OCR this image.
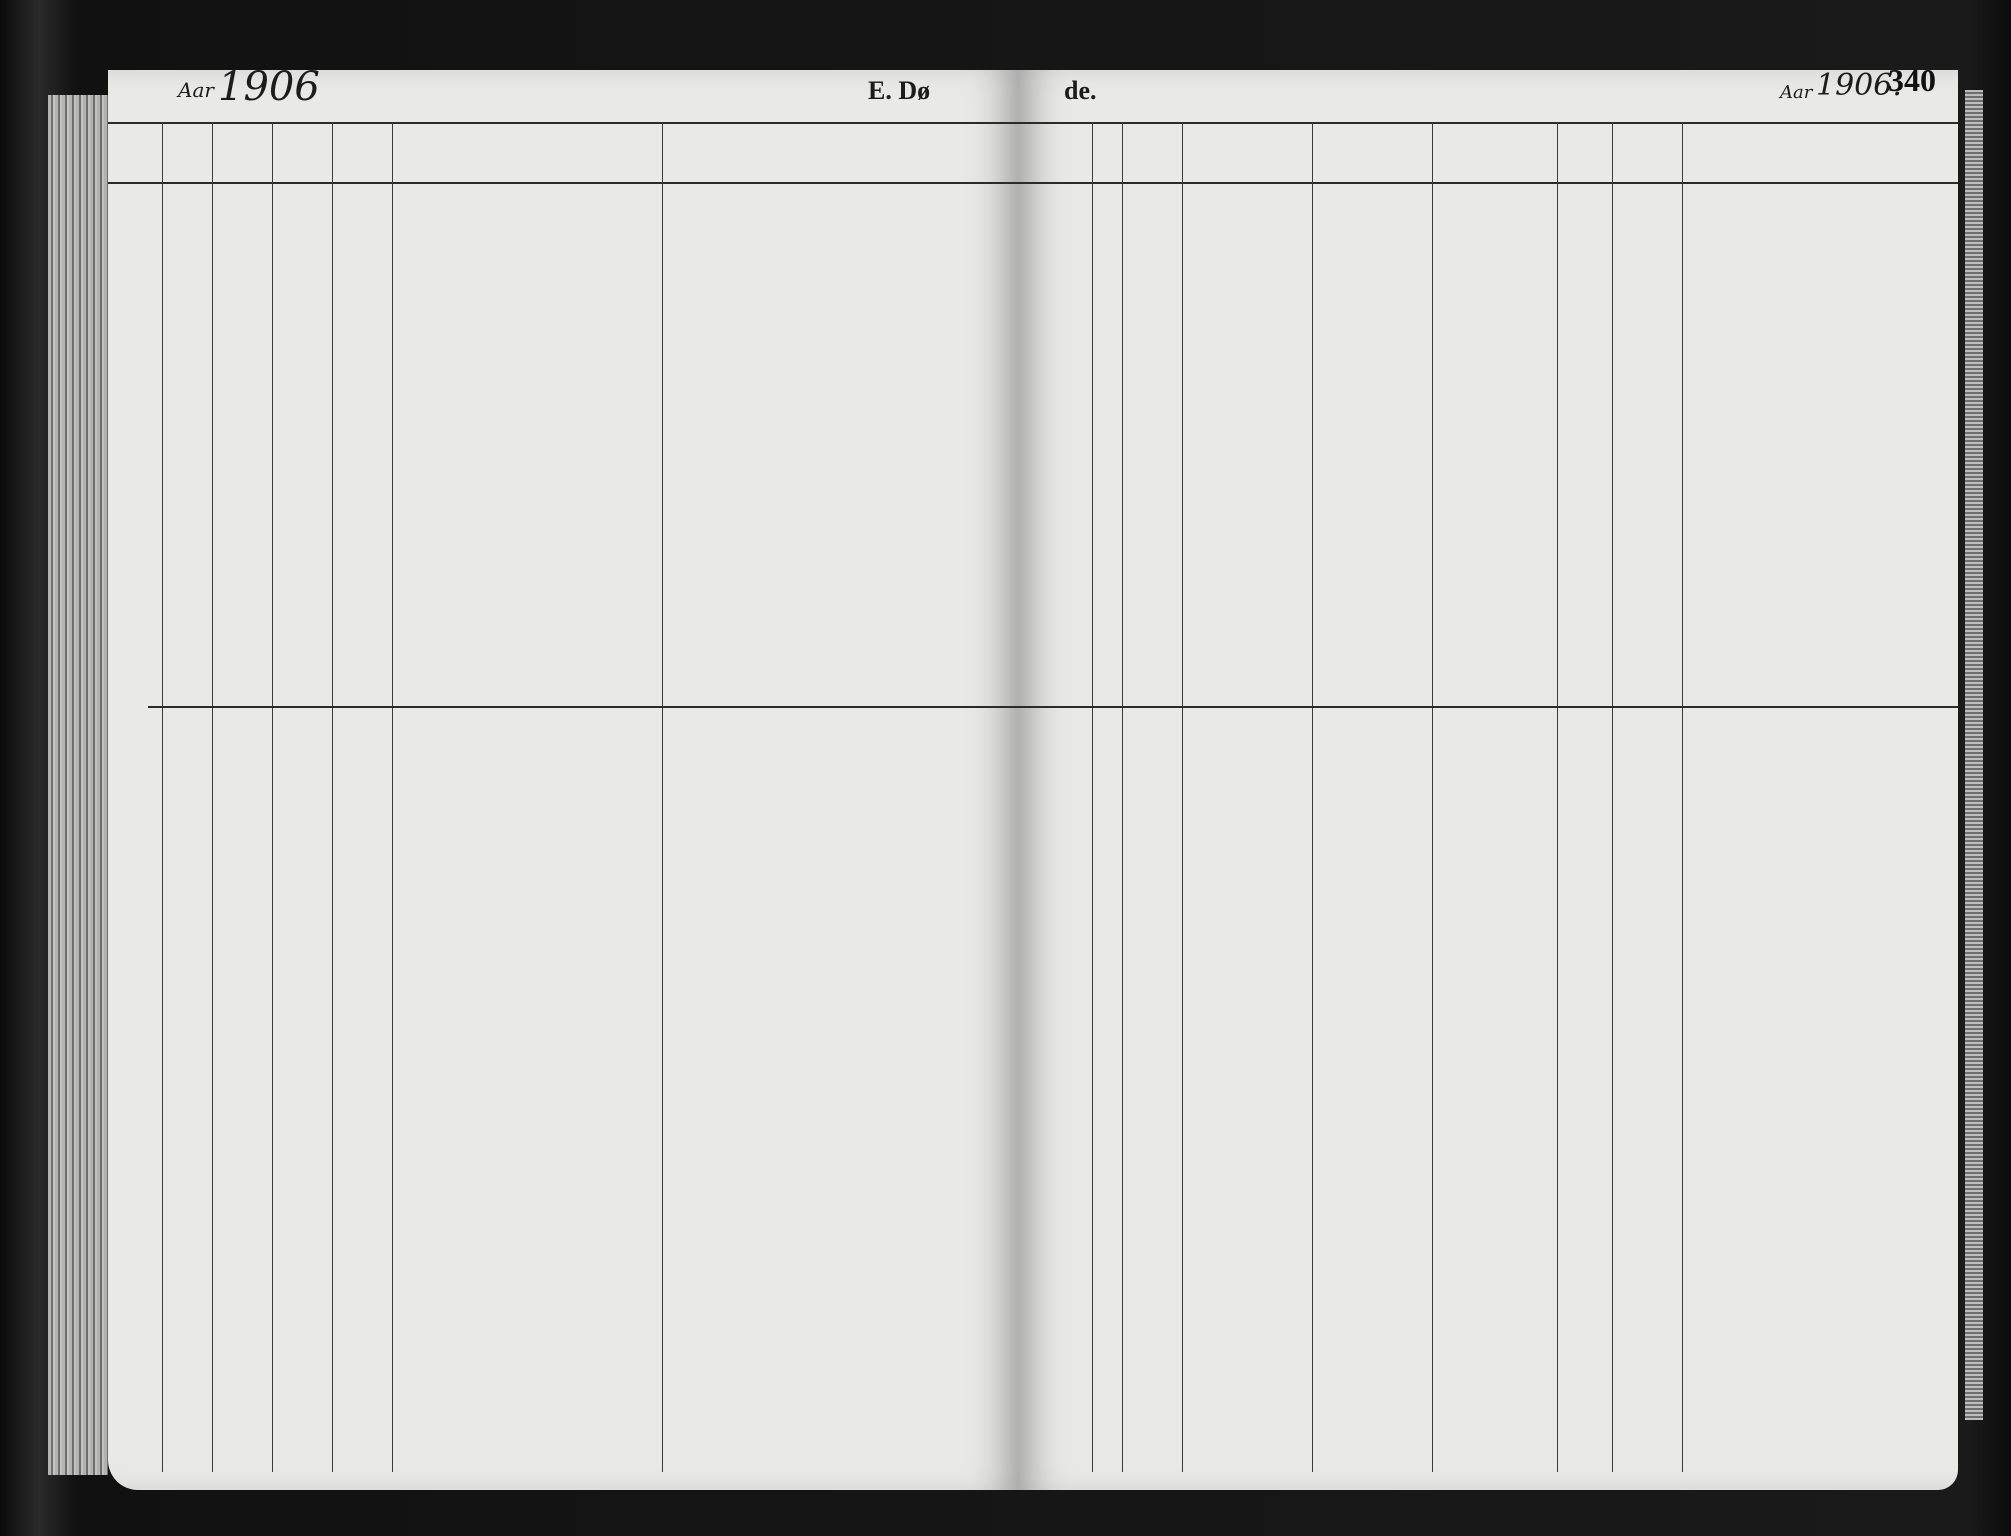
Aar 1906	E. Dø	de.	Aar 1906.
340
